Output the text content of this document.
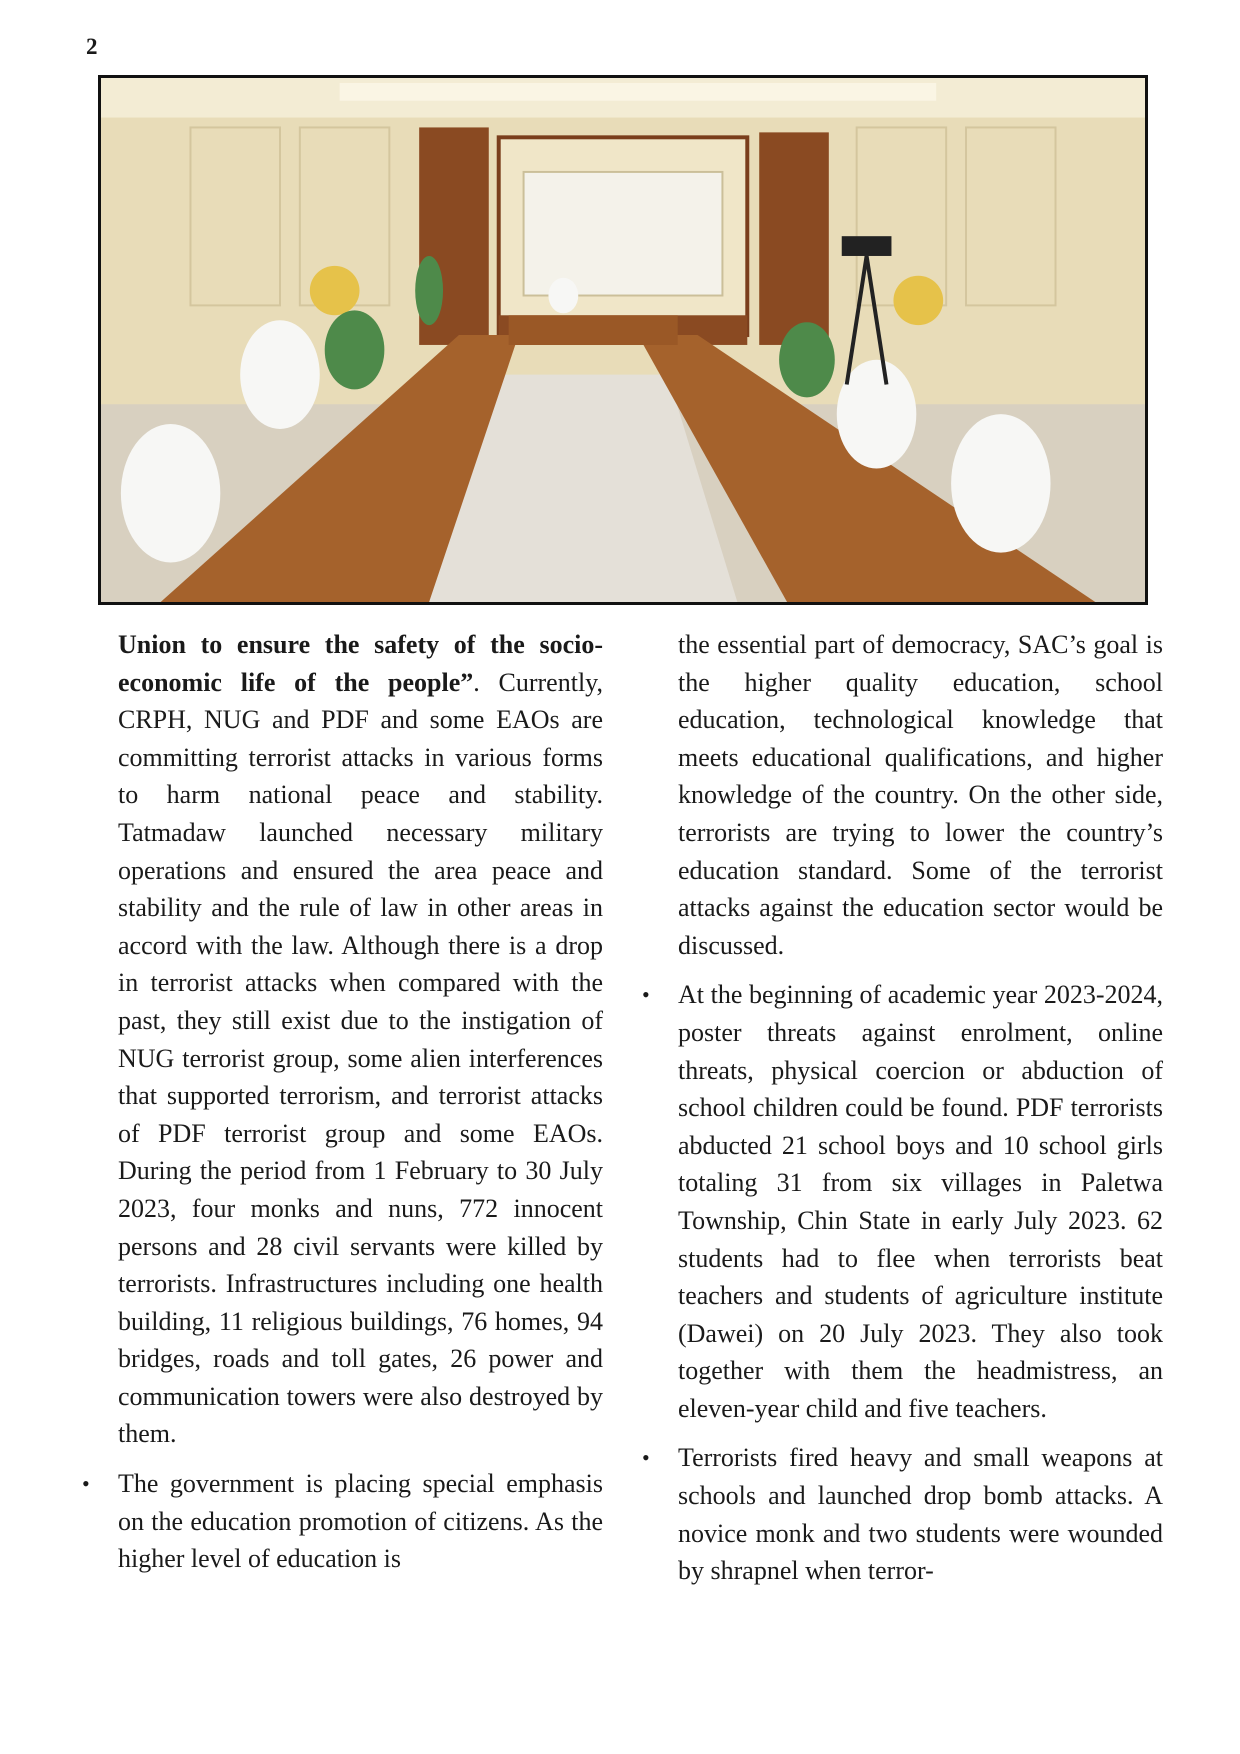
2

Union to ensure the safety of the socio-economic life of the people”. Currently, CRPH, NUG and PDF and some EAOs are committing terrorist attacks in various forms to harm national peace and stability. Tatmadaw launched necessary military operations and ensured the area peace and stability and the rule of law in other areas in accord with the law. Although there is a drop in terrorist attacks when compared with the past, they still exist due to the instigation of NUG terrorist group, some alien interferences that supported terrorism, and terrorist attacks of PDF terrorist group and some EAOs. During the period from 1 February to 30 July 2023, four monks and nuns, 772 innocent persons and 28 civil servants were killed by terrorists. Infrastructures including one health building, 11 religious buildings, 76 homes, 94 bridges, roads and toll gates, 26 power and communication towers were also destroyed by them.

• The government is placing special emphasis on the education promotion of citizens. As the higher level of education is

the essential part of democracy, SAC’s goal is the higher quality education, school education, technological knowledge that meets educational qualifications, and higher knowledge of the country. On the other side, terrorists are trying to lower the country’s education standard. Some of the terrorist attacks against the education sector would be discussed.

• At the beginning of academic year 2023-2024, poster threats against enrolment, online threats, physical coercion or abduction of school children could be found. PDF terrorists abducted 21 school boys and 10 school girls totaling 31 from six villages in Paletwa Township, Chin State in early July 2023. 62 students had to flee when terrorists beat teachers and students of agriculture institute (Dawei) on 20 July 2023. They also took together with them the headmistress, an eleven-year child and five teachers.
• Terrorists fired heavy and small weapons at schools and launched drop bomb attacks. A novice monk and two students were wounded by shrapnel when terror-
